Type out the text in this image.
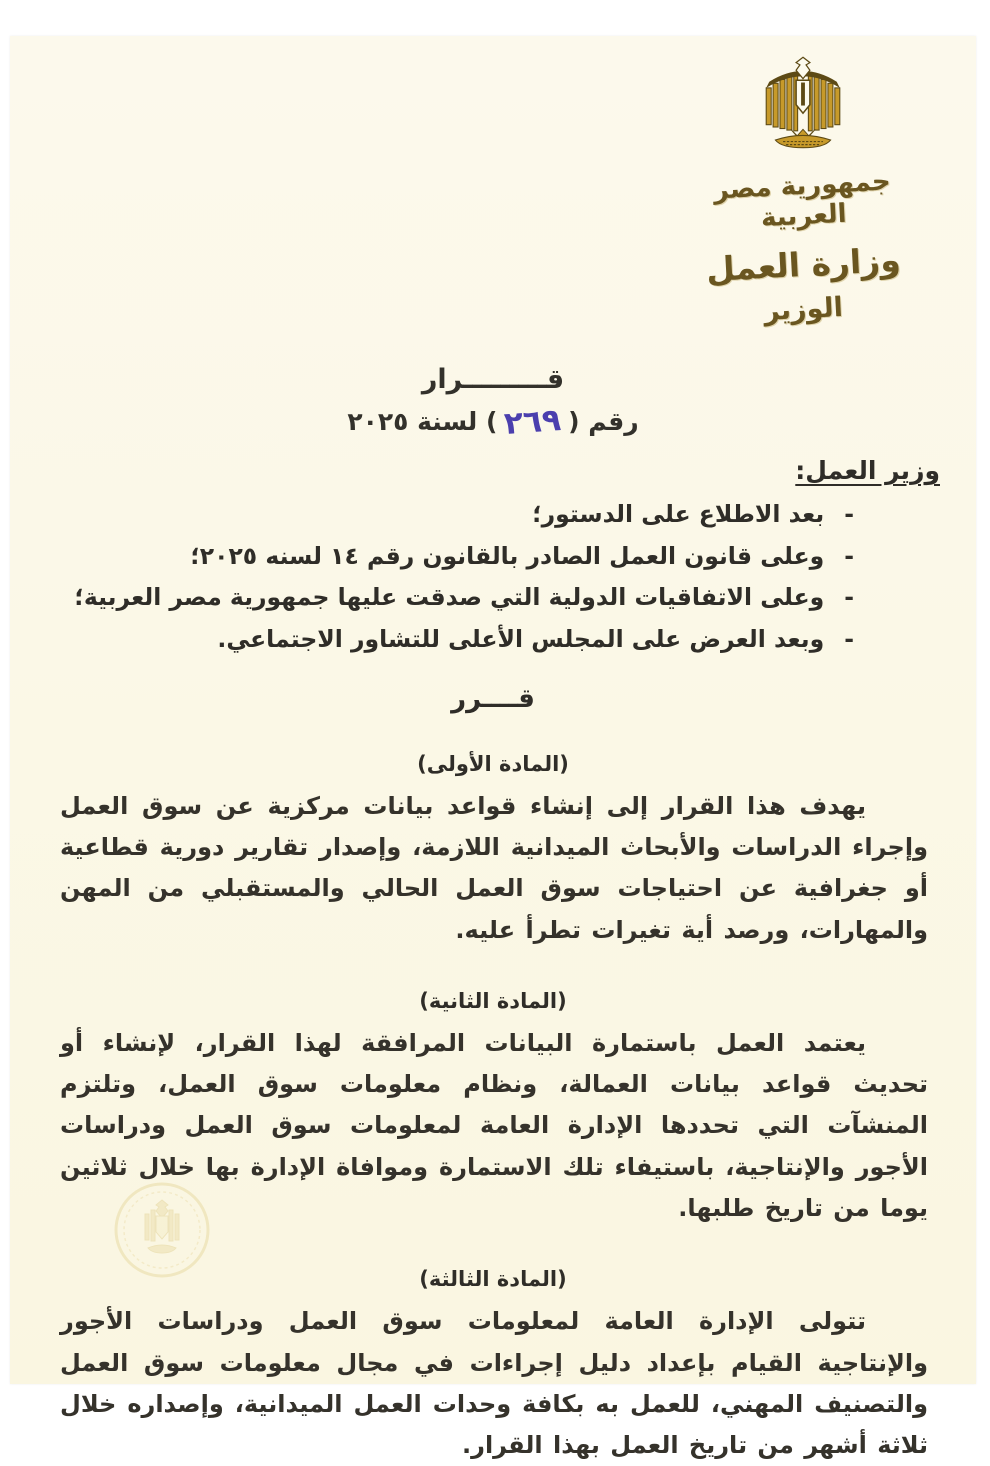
جمهورية مصر العربية
وزارة العمل
الوزير
قـــــــــرار
رقم (٢٦٩) لسنة ٢٠٢٥
وزير العمل:
-
بعد الاطلاع على الدستور؛
-
وعلى قانون العمل الصادر بالقانون رقم ١٤ لسنه ٢٠٢٥؛
-
وعلى الاتفاقيات الدولية التي صدقت عليها جمهورية مصر العربية؛
-
وبعد العرض على المجلس الأعلى للتشاور الاجتماعي.
قــــرر
(المادة الأولى)
يهدف هذا القرار إلى إنشاء قواعد بيانات مركزية عن سوق العمل وإجراء الدراسات والأبحاث الميدانية اللازمة، وإصدار تقارير دورية قطاعية أو جغرافية عن احتياجات سوق العمل الحالي والمستقبلي من المهن والمهارات، ورصد أية تغيرات تطرأ عليه.
(المادة الثانية)
يعتمد العمل باستمارة البيانات المرافقة لهذا القرار، لإنشاء أو تحديث قواعد بيانات العمالة، ونظام معلومات سوق العمل، وتلتزم المنشآت التي تحددها الإدارة العامة لمعلومات سوق العمل ودراسات الأجور والإنتاجية، باستيفاء تلك الاستمارة وموافاة الإدارة بها خلال ثلاثين يوما من تاريخ طلبها.
(المادة الثالثة)
تتولى الإدارة العامة لمعلومات سوق العمل ودراسات الأجور والإنتاجية القيام بإعداد دليل إجراءات في مجال معلومات سوق العمل والتصنيف المهني، للعمل به بكافة وحدات العمل الميدانية، وإصداره خلال ثلاثة أشهر من تاريخ العمل بهذا القرار.
